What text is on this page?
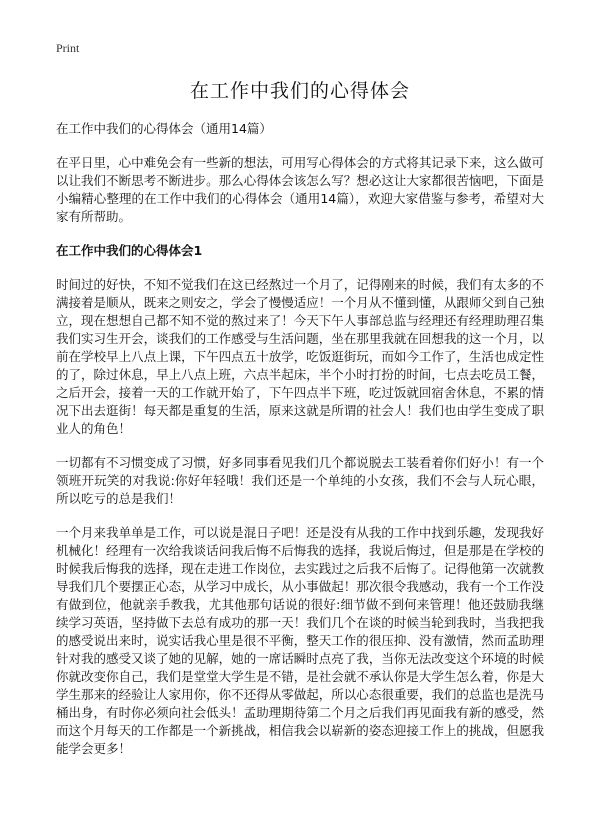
Print
在工作中我们的心得体会
在工作中我们的心得体会（通用14篇）

在平日里，心中难免会有一些新的想法，可用写心得体会的方式将其记录下来，这么做可以让我们不断思考不断进步。那么心得体会该怎么写？想必这让大家都很苦恼吧，下面是小编精心整理的在工作中我们的心得体会（通用14篇），欢迎大家借鉴与参考，希望对大家有所帮助。

在工作中我们的心得体会1

时间过的好快，不知不觉我们在这已经熬过一个月了，记得刚来的时候，我们有太多的不满接着是顺从，既来之则安之，学会了慢慢适应！一个月从不懂到懂，从跟师父到自己独立，现在想想自己都不知不觉的熬过来了！今天下午人事部总监与经理还有经理助理召集我们实习生开会，谈我们的工作感受与生活问题，坐在那里我就在回想我的这一个月，以前在学校早上八点上课，下午四点五十放学，吃饭逛街玩，而如今工作了，生活也成定性的了，除过休息，早上八点上班，六点半起床，半个小时打扮的时间，七点去吃员工餐，之后开会，接着一天的工作就开始了，下午四点半下班，吃过饭就回宿舍休息，不累的情况下出去逛街！每天都是重复的生活，原来这就是所谓的社会人！我们也由学生变成了职业人的角色！

一切都有不习惯变成了习惯，好多同事看见我们几个都说脱去工装看着你们好小！有一个领班开玩笑的对我说:你好年轻哦！我们还是一个单纯的小女孩，我们不会与人玩心眼，所以吃亏的总是我们！

一个月来我单单是工作，可以说是混日子吧！还是没有从我的工作中找到乐趣，发现我好机械化！经理有一次给我谈话问我后悔不后悔我的选择，我说后悔过，但是那是在学校的时候我后悔我的选择，现在走进工作岗位，去实践过之后我不后悔了。记得他第一次就教导我们几个要摆正心态，从学习中成长，从小事做起！那次很令我感动，我有一个工作没有做到位，他就亲手教我，尤其他那句话说的很好:细节做不到何来管理！他还鼓励我继续学习英语，坚持做下去总有成功的那一天！我们几个在谈的时候当轮到我时，当我把我的感受说出来时，说实话我心里是很不平衡，整天工作的很压抑、没有激情，然而孟助理针对我的感受又谈了她的见解，她的一席话瞬时点亮了我，当你无法改变这个环境的时候你就改变你自己，我们是堂堂大学生是不错，是社会就不承认你是大学生怎么着，你是大学生那来的经验让人家用你，你不还得从零做起，所以心态很重要，我们的总监也是洗马桶出身，有时你必须向社会低头！孟助理期待第二个月之后我们再见面我有新的感受，然而这个月每天的工作都是一个新挑战，相信我会以崭新的姿态迎接工作上的挑战，但愿我能学会更多！
